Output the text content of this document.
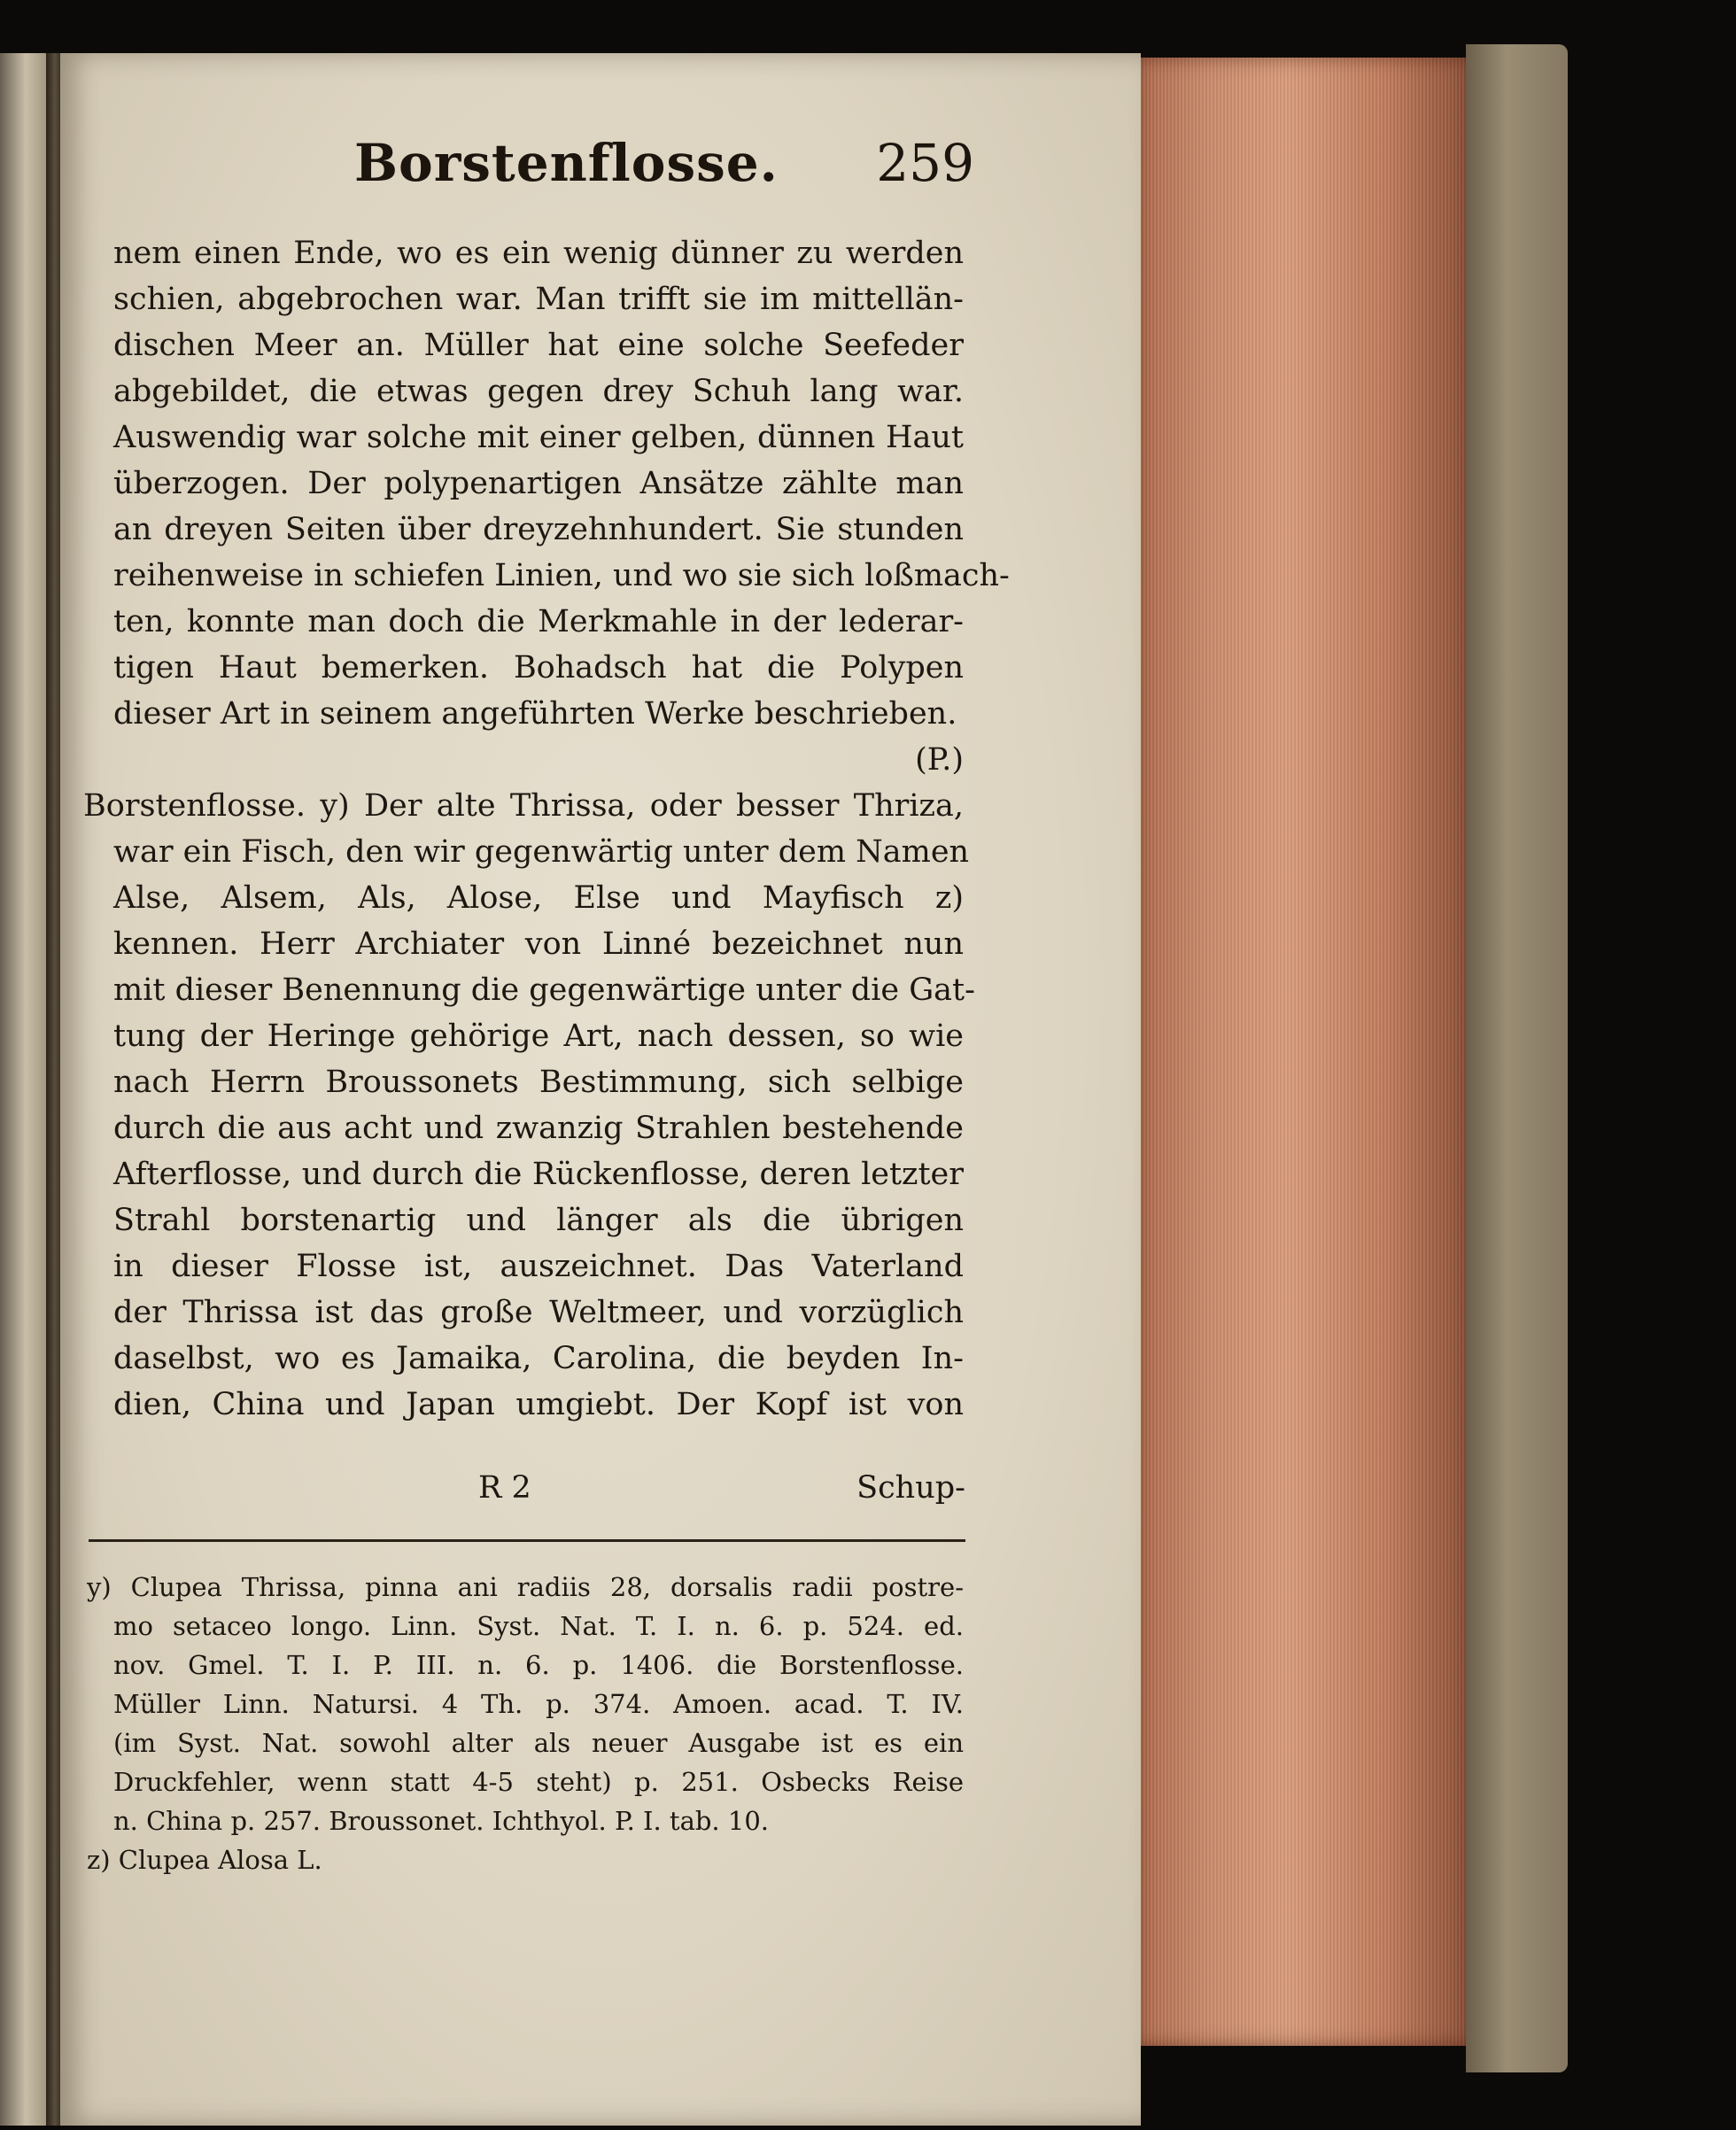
Borstenflosse. 259
nem einen Ende, wo es ein wenig dünner zu werden
schien, abgebrochen war. Man trifft sie im mittellän-
dischen Meer an. Müller hat eine solche Seefeder
abgebildet, die etwas gegen drey Schuh lang war.
Auswendig war solche mit einer gelben, dünnen Haut
überzogen. Der polypenartigen Ansätze zählte man
an dreyen Seiten über dreyzehnhundert. Sie stunden
reihenweise in schiefen Linien, und wo sie sich loßmach-
ten, konnte man doch die Merkmahle in der lederar-
tigen Haut bemerken. Bohadsch hat die Polypen
dieser Art in seinem angeführten Werke beschrieben.
(P.)
Borstenflosse. y) Der alte Thrissa, oder besser Thriza,
war ein Fisch, den wir gegenwärtig unter dem Namen
Alse, Alsem, Als, Alose, Else und Mayfisch z)
kennen. Herr Archiater von Linné bezeichnet nun
mit dieser Benennung die gegenwärtige unter die Gat-
tung der Heringe gehörige Art, nach dessen, so wie
nach Herrn Broussonets Bestimmung, sich selbige
durch die aus acht und zwanzig Strahlen bestehende
Afterflosse, und durch die Rückenflosse, deren letzter
Strahl borstenartig und länger als die übrigen
in dieser Flosse ist, auszeichnet. Das Vaterland
der Thrissa ist das große Weltmeer, und vorzüglich
daselbst, wo es Jamaika, Carolina, die beyden In-
dien, China und Japan umgiebt. Der Kopf ist von
R 2	Schup-
y) Clupea Thrissa, pinna ani radiis 28, dorsalis radii postre-
mo setaceo longo. Linn. Syst. Nat. T. I. n. 6. p. 524. ed.
nov. Gmel. T. I. P. III. n. 6. p. 1406. die Borstenflosse.
Müller Linn. Natursi. 4 Th. p. 374. Amoen. acad. T. IV.
(im Syst. Nat. sowohl alter als neuer Ausgabe ist es ein
Druckfehler, wenn statt 4-5 steht) p. 251. Osbecks Reise
n. China p. 257. Broussonet. Ichthyol. P. I. tab. 10.
z) Clupea Alosa L.
